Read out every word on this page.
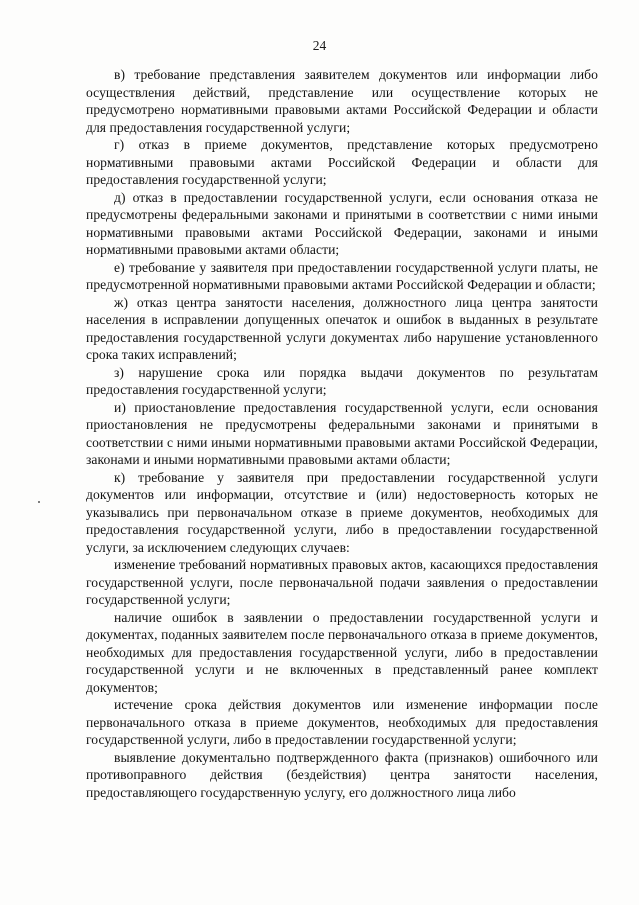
24

в) требование представления заявителем документов или информации либо осуществления действий, представление или осуществление которых не предусмотрено нормативными правовыми актами Российской Федерации и области для предоставления государственной услуги;

г) отказ в приеме документов, представление которых предусмотрено нормативными правовыми актами Российской Федерации и области для предоставления государственной услуги;

д) отказ в предоставлении государственной услуги, если основания отказа не предусмотрены федеральными законами и принятыми в соответствии с ними иными нормативными правовыми актами Российской Федерации, законами и иными нормативными правовыми актами области;

е) требование у заявителя при предоставлении государственной услуги платы, не предусмотренной нормативными правовыми актами Российской Федерации и области;

ж) отказ центра занятости населения, должностного лица центра занятости населения в исправлении допущенных опечаток и ошибок в выданных в результате предоставления государственной услуги документах либо нарушение установленного срока таких исправлений;

з) нарушение срока или порядка выдачи документов по результатам предоставления государственной услуги;

и) приостановление предоставления государственной услуги, если основания приостановления не предусмотрены федеральными законами и принятыми в соответствии с ними иными нормативными правовыми актами Российской Федерации, законами и иными нормативными правовыми актами области;

к) требование у заявителя при предоставлении государственной услуги документов или информации, отсутствие и (или) недостоверность которых не указывались при первоначальном отказе в приеме документов, необходимых для предоставления государственной услуги, либо в предоставлении государственной услуги, за исключением следующих случаев:

изменение требований нормативных правовых актов, касающихся предоставления государственной услуги, после первоначальной подачи заявления о предоставлении государственной услуги;

наличие ошибок в заявлении о предоставлении государственной услуги и документах, поданных заявителем после первоначального отказа в приеме документов, необходимых для предоставления государственной услуги, либо в предоставлении государственной услуги и не включенных в представленный ранее комплект документов;

истечение срока действия документов или изменение информации после первоначального отказа в приеме документов, необходимых для предоставления государственной услуги, либо в предоставлении государственной услуги;

выявление документально подтвержденного факта (признаков) ошибочного или противоправного действия (бездействия) центра занятости населения, предоставляющего государственную услугу, его должностного лица либо
